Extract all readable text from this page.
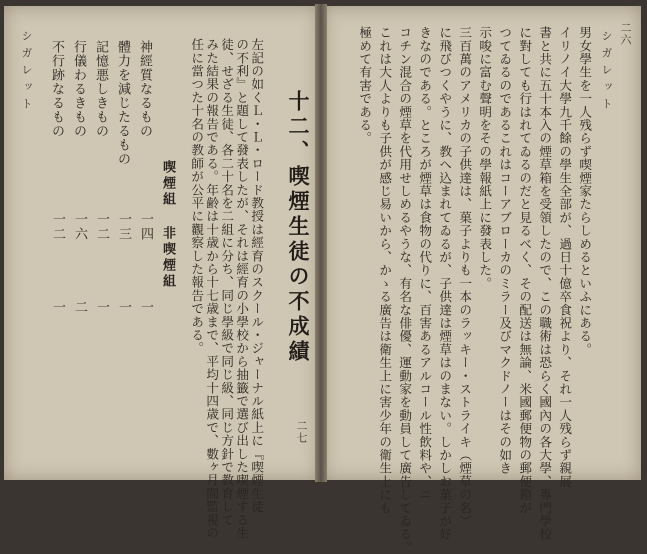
シガレット
二七
十二、喫煙生徒の不成績
左記の如くＬ・Ｌ・ロード教授は經育のスクール・ジャーナル紙上に『喫煙生徒
の不利』と題して發表したが、それは經育の小學校から抽籤で選び出した喫煙する生
徒、せざる生徒、各二十名を二組に分ち、同じ學級で同じ級、同じ方針で教育して
みた結果の報告である。年齢は十歳から十七歳まで、平均十四歳で、數ヶ月間監視の
任に當つた十名の教師が公平に觀察した報告である。
喫煙組
非喫煙組
神經質なるもの
一四
一
體力を減じたるもの
一三
一
記憶悪しきもの
一二
一
行儀わるきもの
一六
二
不行跡なるもの
一二
一
シガレット 二六
男女學生を一人残らず喫煙家たらしめるといふにある。
イリノイ大學九千餘の學生全部が、過日十億卒食祝より、それ一人残らず親展
書と共に五十本入の煙草箱を受領したので、この職術は恐らく國內の各大學、專門學校
に對しても行はれてゐるのだと見るべく、その配送は無論、米國郵便物の郵便箱が
つてゐるのであるこれはコーアブローカのミラー及びマクドノーはその如き
示唆に富む聲明をその學報紙上に發表した。
三百萬のアメリカの子供達は、菓子よりも一本のラッキー・ストライキ（煙草の名）
に飛びつくやうに、教へ込まれてゐるが、子供達は煙草はのまない。しかしお菓子が好
きなのである。ところが煙草は食物の代りに、百害あるアルコール性飲料や、ニ
コチン混合の煙草を代用せしめるやうな、有名な俳優、運動家を動員して廣告してゐる。
これは大人よりも子供が感じ易いから、かゝる廣告は衛生上に害少年の衛生上にも
極めて有害である。
